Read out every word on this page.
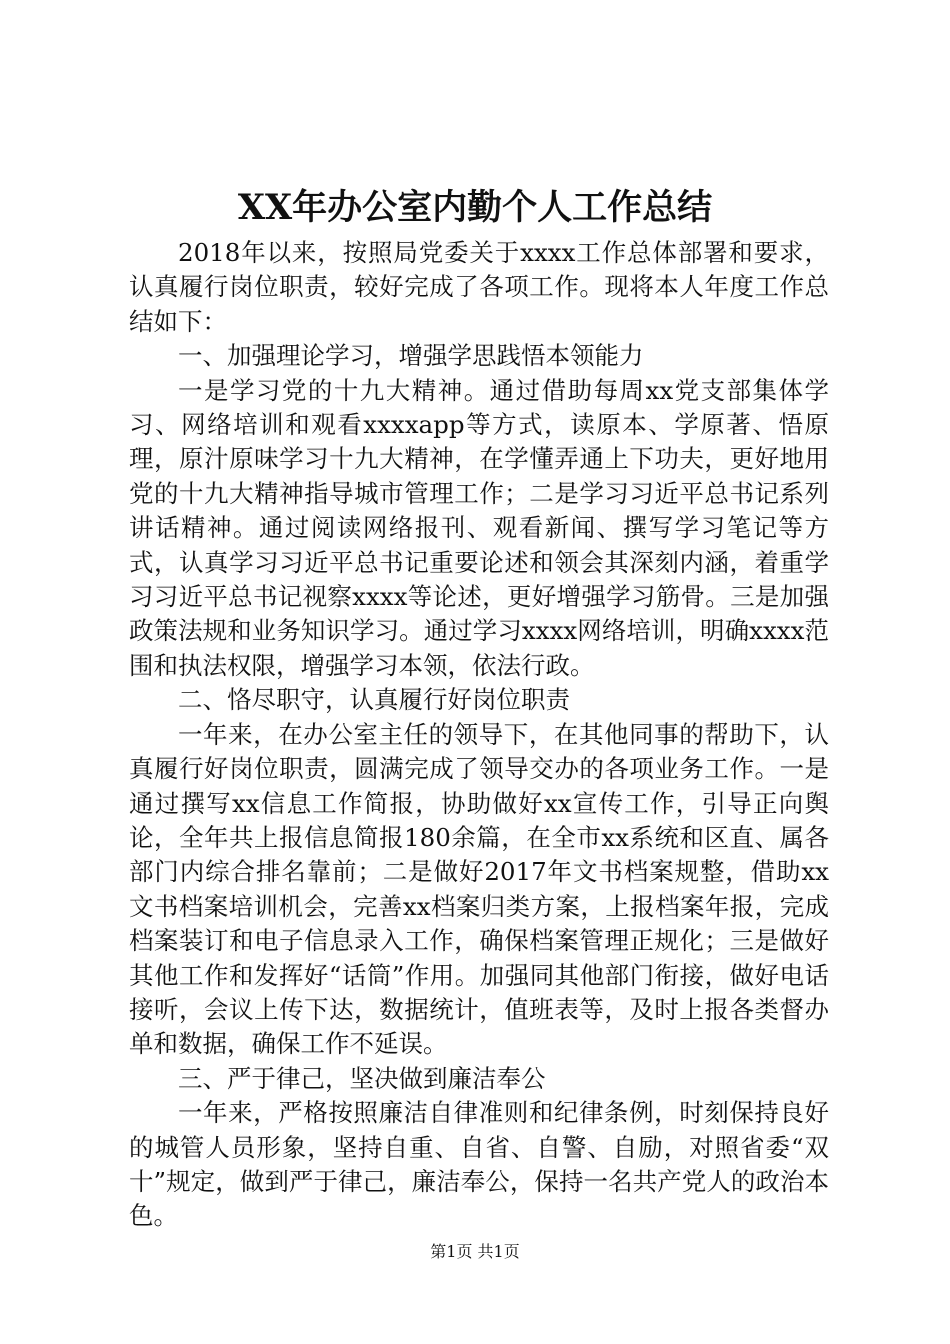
XX年办公室内勤个人工作总结

2018年以来，按照局党委关于xxxx工作总体部署和要求，认真履行岗位职责，较好完成了各项工作。现将本人年度工作总结如下：

一、加强理论学习，增强学思践悟本领能力

一是学习党的十九大精神。通过借助每周xx党支部集体学习、网络培训和观看xxxxapp等方式，读原本、学原著、悟原理，原汁原味学习十九大精神，在学懂弄通上下功夫，更好地用党的十九大精神指导城市管理工作；二是学习习近平总书记系列讲话精神。通过阅读网络报刊、观看新闻、撰写学习笔记等方式，认真学习习近平总书记重要论述和领会其深刻内涵，着重学习习近平总书记视察xxxx等论述，更好增强学习筋骨。三是加强政策法规和业务知识学习。通过学习xxxx网络培训，明确xxxx范围和执法权限，增强学习本领，依法行政。

二、恪尽职守，认真履行好岗位职责

一年来，在办公室主任的领导下，在其他同事的帮助下，认真履行好岗位职责，圆满完成了领导交办的各项业务工作。一是通过撰写xx信息工作简报，协助做好xx宣传工作，引导正向舆论，全年共上报信息简报180余篇，在全市xx系统和区直、属各部门内综合排名靠前；二是做好2017年文书档案规整，借助xx文书档案培训机会，完善xx档案归类方案，上报档案年报，完成档案装订和电子信息录入工作，确保档案管理正规化；三是做好其他工作和发挥好“话筒”作用。加强同其他部门衔接，做好电话接听，会议上传下达，数据统计，值班表等，及时上报各类督办单和数据，确保工作不延误。

三、严于律己，坚决做到廉洁奉公

一年来，严格按照廉洁自律准则和纪律条例，时刻保持良好的城管人员形象，坚持自重、自省、自警、自励，对照省委“双十”规定，做到严于律己，廉洁奉公，保持一名共产党人的政治本色。

第1页 共1页
